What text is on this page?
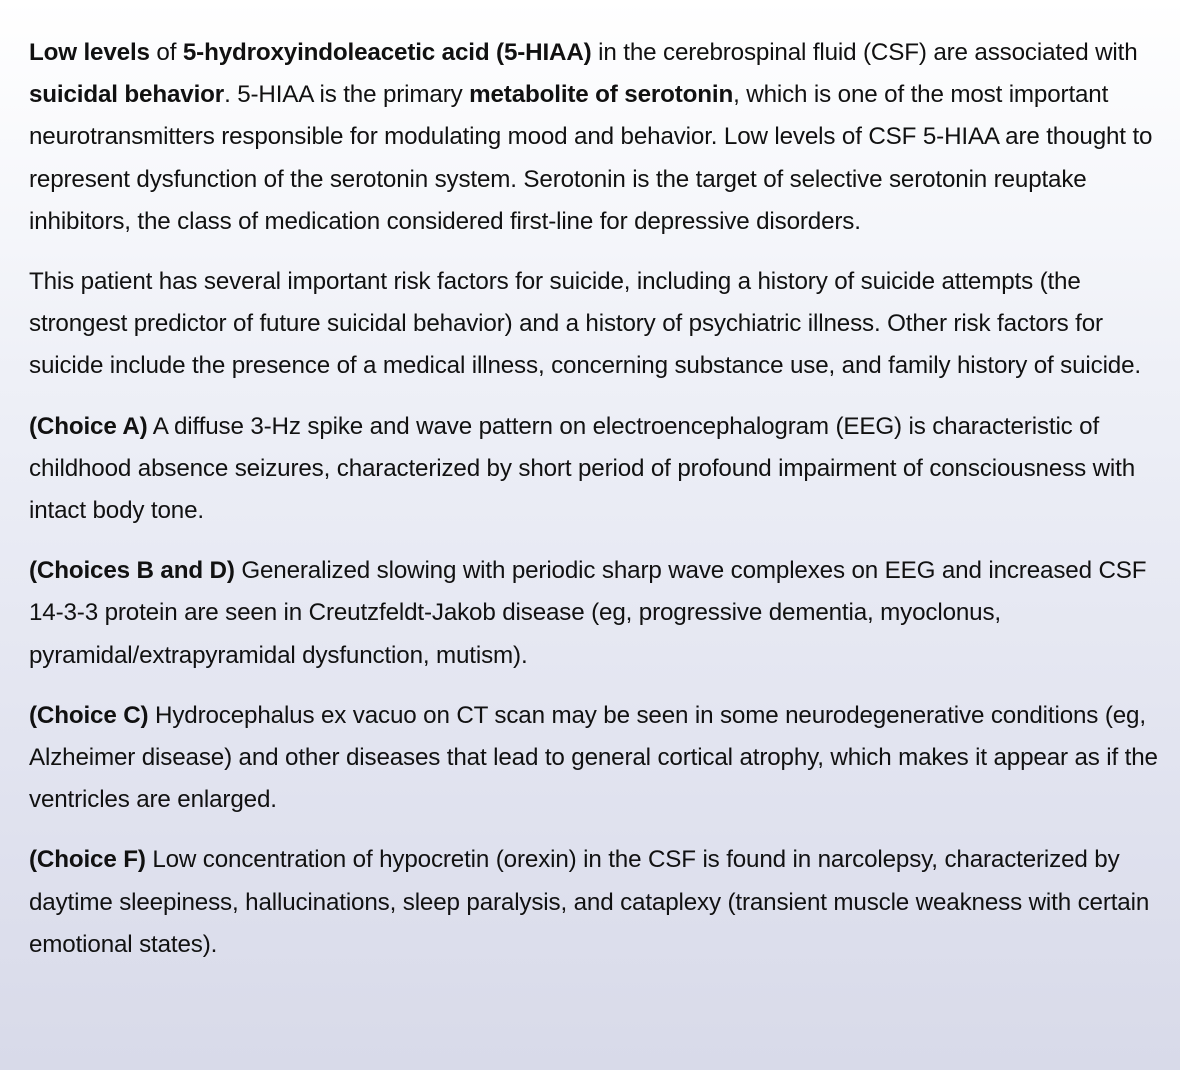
Low levels of 5-hydroxyindoleacetic acid (5-HIAA) in the cerebrospinal fluid (CSF) are associated with suicidal behavior. 5-HIAA is the primary metabolite of serotonin, which is one of the most important neurotransmitters responsible for modulating mood and behavior. Low levels of CSF 5-HIAA are thought to represent dysfunction of the serotonin system. Serotonin is the target of selective serotonin reuptake inhibitors, the class of medication considered first-line for depressive disorders.

This patient has several important risk factors for suicide, including a history of suicide attempts (the strongest predictor of future suicidal behavior) and a history of psychiatric illness. Other risk factors for suicide include the presence of a medical illness, concerning substance use, and family history of suicide.

(Choice A) A diffuse 3-Hz spike and wave pattern on electroencephalogram (EEG) is characteristic of childhood absence seizures, characterized by short period of profound impairment of consciousness with intact body tone.

(Choices B and D) Generalized slowing with periodic sharp wave complexes on EEG and increased CSF 14-3-3 protein are seen in Creutzfeldt-Jakob disease (eg, progressive dementia, myoclonus, pyramidal/extrapyramidal dysfunction, mutism).

(Choice C) Hydrocephalus ex vacuo on CT scan may be seen in some neurodegenerative conditions (eg, Alzheimer disease) and other diseases that lead to general cortical atrophy, which makes it appear as if the ventricles are enlarged.

(Choice F) Low concentration of hypocretin (orexin) in the CSF is found in narcolepsy, characterized by daytime sleepiness, hallucinations, sleep paralysis, and cataplexy (transient muscle weakness with certain emotional states).
